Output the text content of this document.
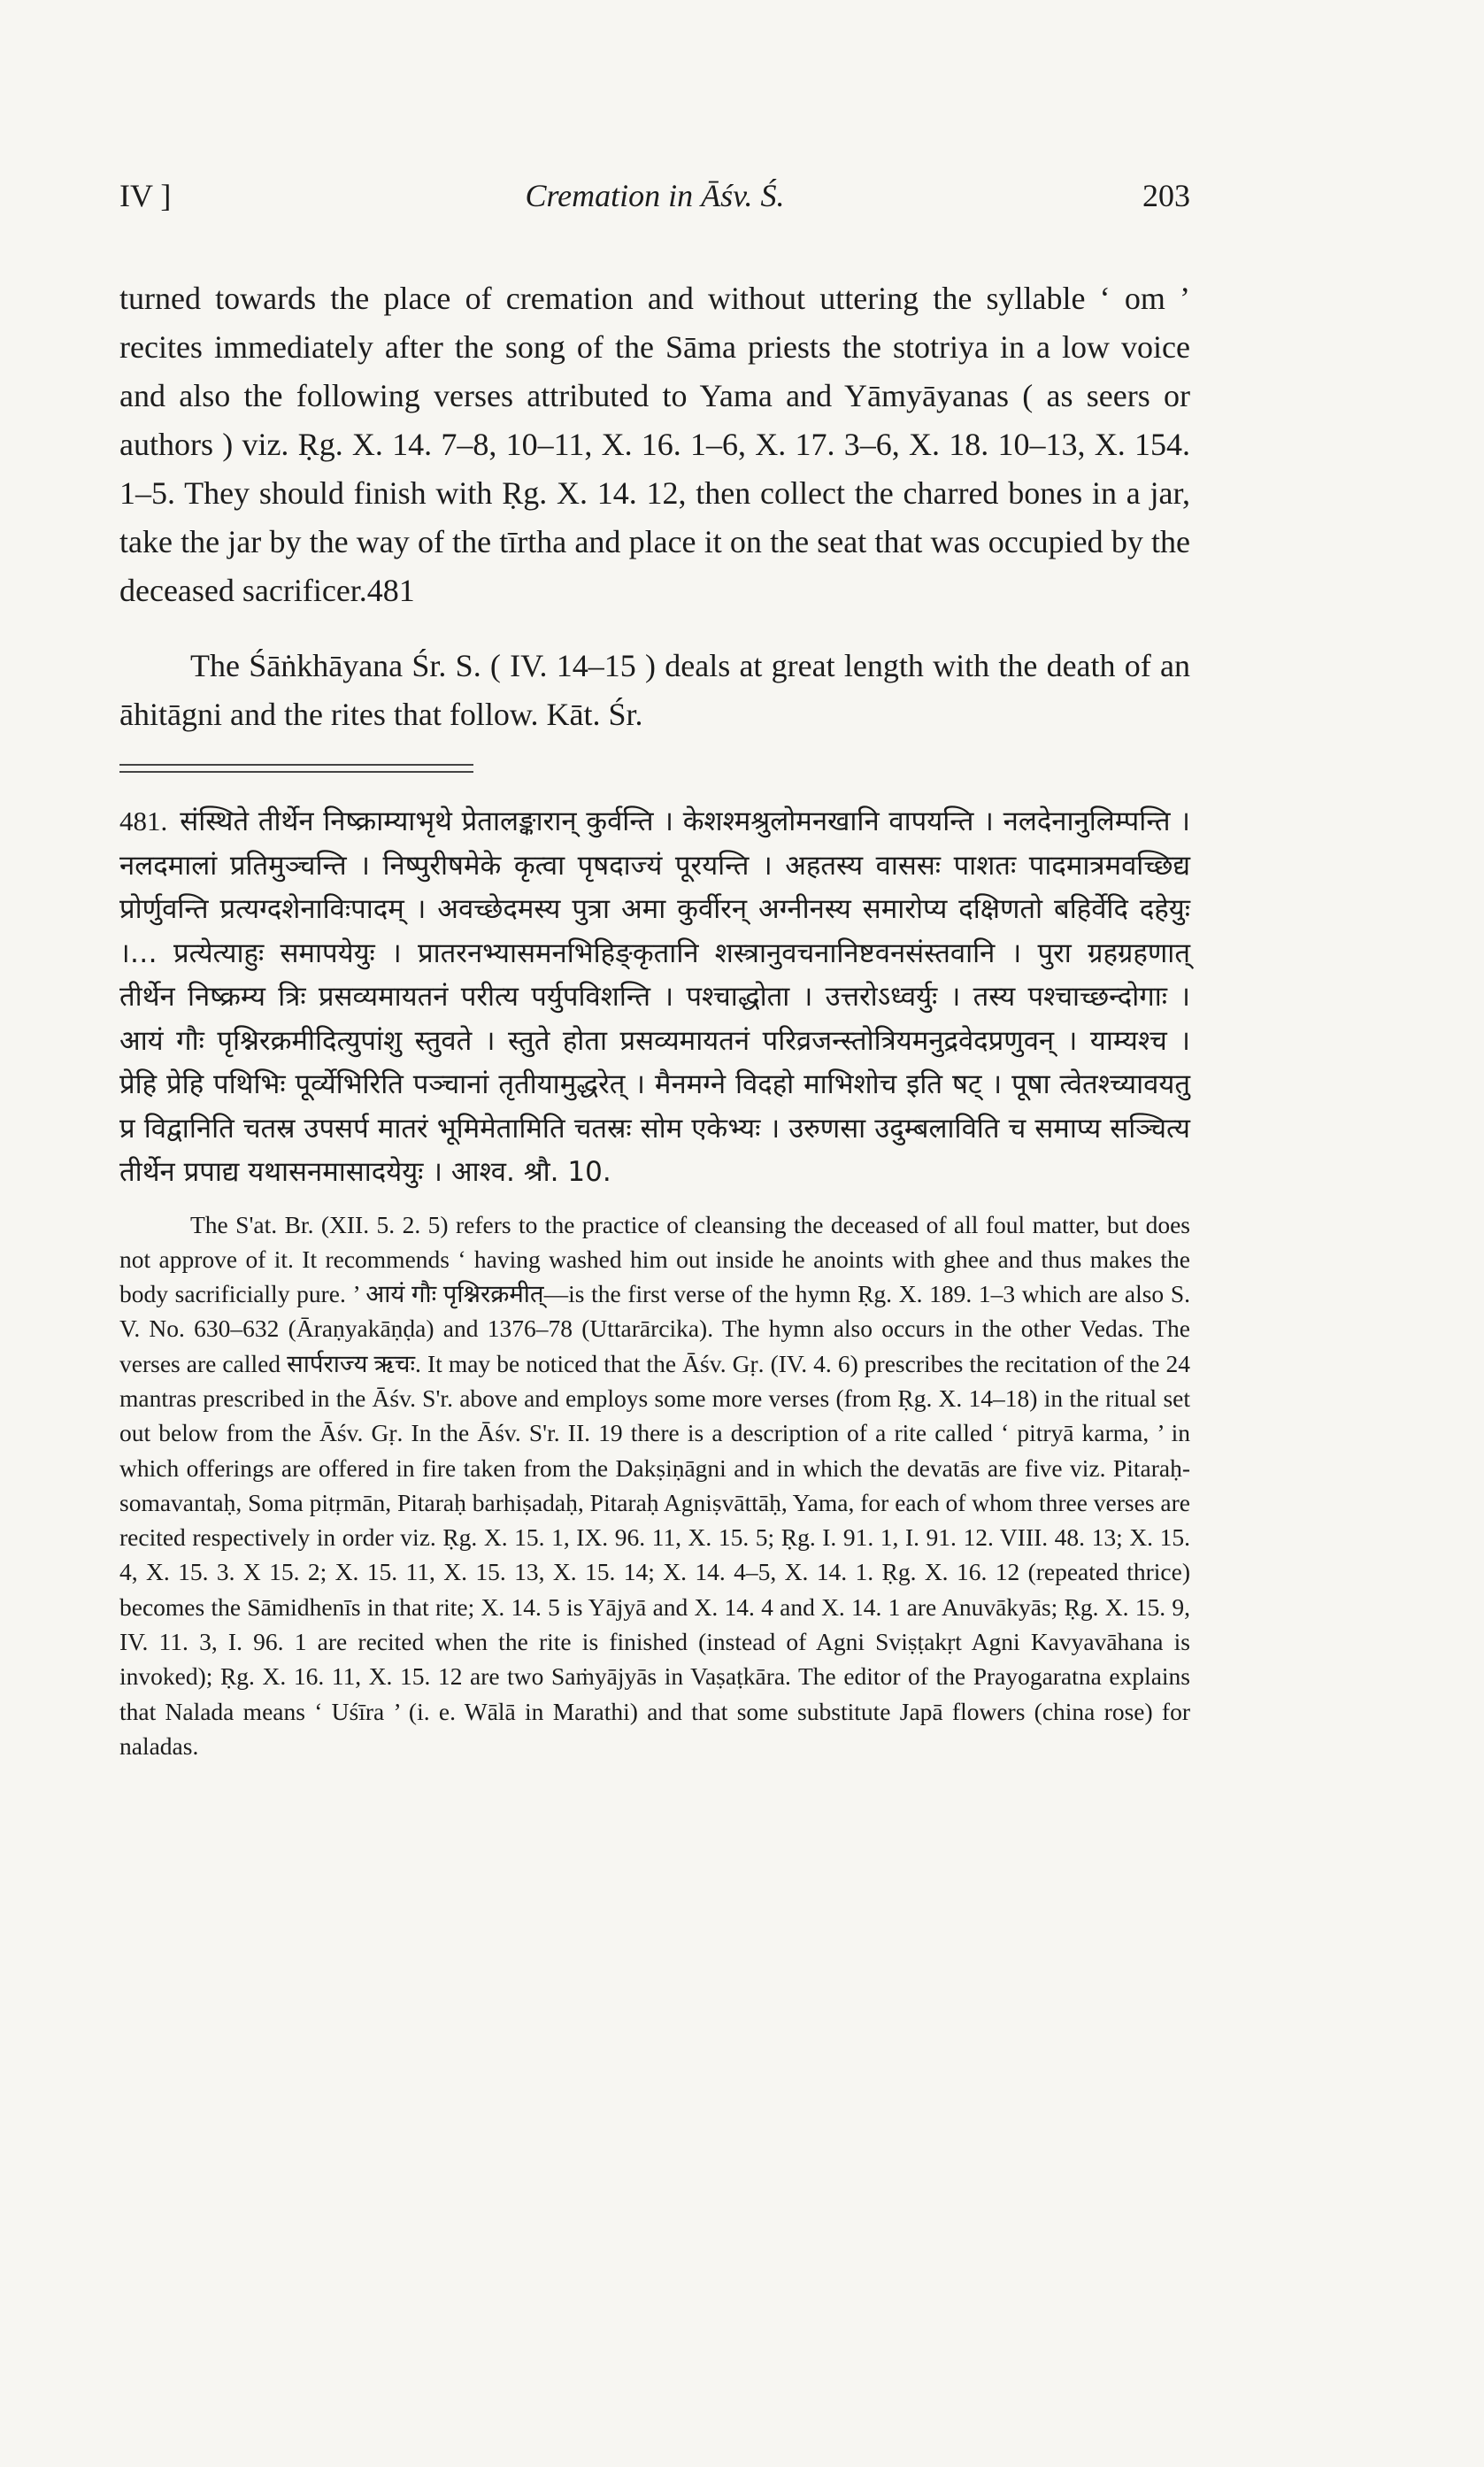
IV ]	Cremation in Āśv. Ś.	203
turned towards the place of cremation and without uttering the syllable ‘ om ’ recites immediately after the song of the Sāma priests the stotriya in a low voice and also the following verses attributed to Yama and Yāmyāyanas ( as seers or authors ) viz. Ṛg. X. 14. 7–8, 10–11, X. 16. 1–6, X. 17. 3–6, X. 18. 10–13, X. 154. 1–5. They should finish with Ṛg. X. 14. 12, then collect the charred bones in a jar, take the jar by the way of the tīrtha and place it on the seat that was occupied by the deceased sacrificer.481
The Śāṅkhāyana Śr. S. ( IV. 14–15 ) deals at great length with the death of an āhitāgni and the rites that follow. Kāt. Śr.
481. संस्थिते तीर्थेन निष्क्राम्याभृथे प्रेतालङ्कारान् कुर्वन्ति । केशश्मश्रुलोमनखानि वापयन्ति । नलदेनानुलिम्पन्ति । नलदमालां प्रतिमुञ्चन्ति । निष्पुरीषमेके कृत्वा पृषदाज्यं पूरयन्ति । अहतस्य वाससः पाशतः पादमात्रमवच्छिद्य प्रोर्णुवन्ति प्रत्यग्दशेनाविःपादम् । अवच्छेदमस्य पुत्रा अमा कुर्वीरन् अग्नीनस्य समारोप्य दक्षिणतो बहिर्वेदि दहेयुः ।… प्रत्येत्याहुः समापयेयुः । प्रातरनभ्यासमनभिहिङ्कृतानि शस्त्रानुवचनानिष्टवनसंस्तवानि । पुरा ग्रहग्रहणात् तीर्थेन निष्क्रम्य त्रिः प्रसव्यमायतनं परीत्य पर्युपविशन्ति । पश्चाद्धोता । उत्तरोऽध्वर्युः । तस्य पश्चाच्छन्दोगाः । आयं गौः पृश्निरक्रमीदित्युपांशु स्तुवते । स्तुते होता प्रसव्यमायतनं परिव्रजन्स्तोत्रियमनुद्रवेदप्रणुवन् । याम्यश्च । प्रेहि प्रेहि पथिभिः पूर्व्येभिरिति पञ्चानां तृतीयामुद्धरेत् । मैनमग्ने विदहो माभिशोच इति षट् । पूषा त्वेतश्च्यावयतु प्र विद्वानिति चतस्र उपसर्प मातरं भूमिमेतामिति चतस्रः सोम एकेभ्यः । उरुणसा उदुम्बलाविति च समाप्य सञ्चित्य तीर्थेन प्रपाद्य यथासनमासादयेयुः । आश्व. श्रौ. 10.

The S'at. Br. (XII. 5. 2. 5) refers to the practice of cleansing the deceased of all foul matter, but does not approve of it. It recommends ‘ having washed him out inside he anoints with ghee and thus makes the body sacrificially pure. ’ आयं गौः पृश्निरक्रमीत्—is the first verse of the hymn Ṛg. X. 189. 1–3 which are also S. V. No. 630–632 (Āraṇyakāṇḍa) and 1376–78 (Uttarārcika). The hymn also occurs in the other Vedas. The verses are called सार्पराज्य ऋचः. It may be noticed that the Āśv. Gṛ. (IV. 4. 6) prescribes the recitation of the 24 mantras prescribed in the Āśv. S'r. above and employs some more verses (from Ṛg. X. 14–18) in the ritual set out below from the Āśv. Gṛ. In the Āśv. S'r. II. 19 there is a description of a rite called ‘ pitryā karma, ’ in which offerings are offered in fire taken from the Dakṣiṇāgni and in which the devatās are five viz. Pitaraḥ-somavantaḥ, Soma pitṛmān, Pitaraḥ barhiṣadaḥ, Pitaraḥ Agniṣvāttāḥ, Yama, for each of whom three verses are recited respectively in order viz. Ṛg. X. 15. 1, IX. 96. 11, X. 15. 5; Ṛg. I. 91. 1, I. 91. 12. VIII. 48. 13; X. 15. 4, X. 15. 3. X 15. 2; X. 15. 11, X. 15. 13, X. 15. 14; X. 14. 4–5, X. 14. 1. Ṛg. X. 16. 12 (repeated thrice) becomes the Sāmidhenīs in that rite; X. 14. 5 is Yājyā and X. 14. 4 and X. 14. 1 are Anuvākyās; Ṛg. X. 15. 9, IV. 11. 3, I. 96. 1 are recited when the rite is finished (instead of Agni Sviṣṭakṛt Agni Kavyavāhana is invoked); Ṛg. X. 16. 11, X. 15. 12 are two Saṁyājyās in Vaṣaṭkāra. The editor of the Prayogaratna explains that Nalada means ‘ Uśīra ’ (i. e. Wālā in Marathi) and that some substitute Japā flowers (china rose) for naladas.
